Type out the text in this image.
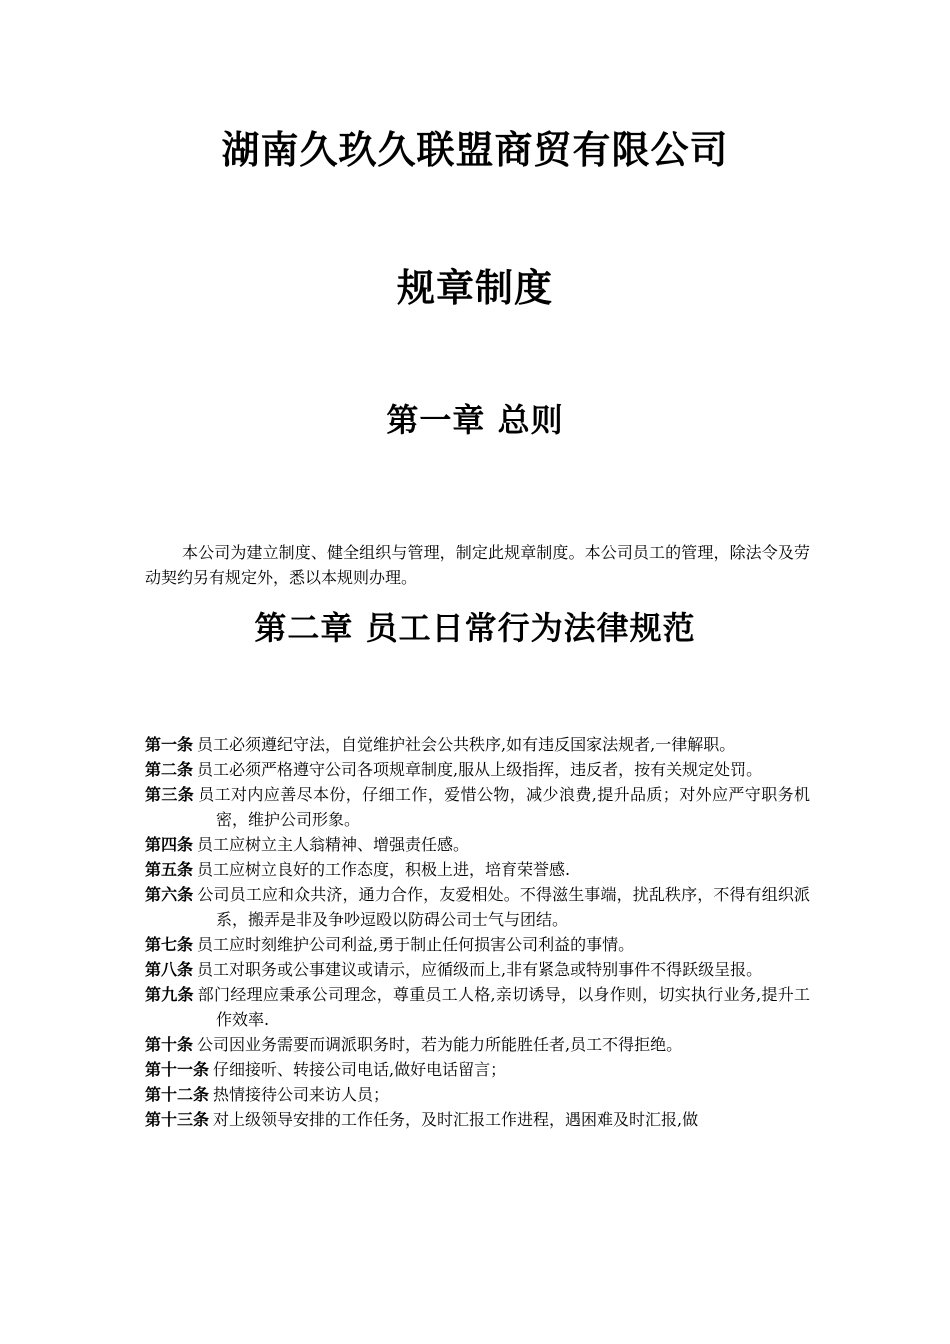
湖南久玖久联盟商贸有限公司
规章制度
第一章 总则

本公司为建立制度、健全组织与管理，制定此规章制度。本公司员工的管理，除法令及劳动契约另有规定外，悉以本规则办理。

第二章 员工日常行为法律规范
第一条 员工必须遵纪守法，自觉维护社会公共秩序,如有违反国家法规者,一律解职。
第二条 员工必须严格遵守公司各项规章制度,服从上级指挥，违反者，按有关规定处罚。
第三条 员工对内应善尽本份，仔细工作，爱惜公物，减少浪费,提升品质；对外应严守职务机密，维护公司形象。
第四条 员工应树立主人翁精神、增强责任感。
第五条 员工应树立良好的工作态度，积极上进，培育荣誉感.
第六条 公司员工应和众共济，通力合作，友爱相处。不得滋生事端，扰乱秩序，不得有组织派系，搬弄是非及争吵逗殴以防碍公司士气与团结。
第七条 员工应时刻维护公司利益,勇于制止任何损害公司利益的事情。
第八条 员工对职务或公事建议或请示，应循级而上,非有紧急或特别事件不得跃级呈报。
第九条 部门经理应秉承公司理念，尊重员工人格,亲切诱导，以身作则，切实执行业务,提升工作效率.
第十条 公司因业务需要而调派职务时，若为能力所能胜任者,员工不得拒绝。
第十一条 仔细接听、转接公司电话,做好电话留言；
第十二条 热情接待公司来访人员；
第十三条 对上级领导安排的工作任务，及时汇报工作进程，遇困难及时汇报,做
